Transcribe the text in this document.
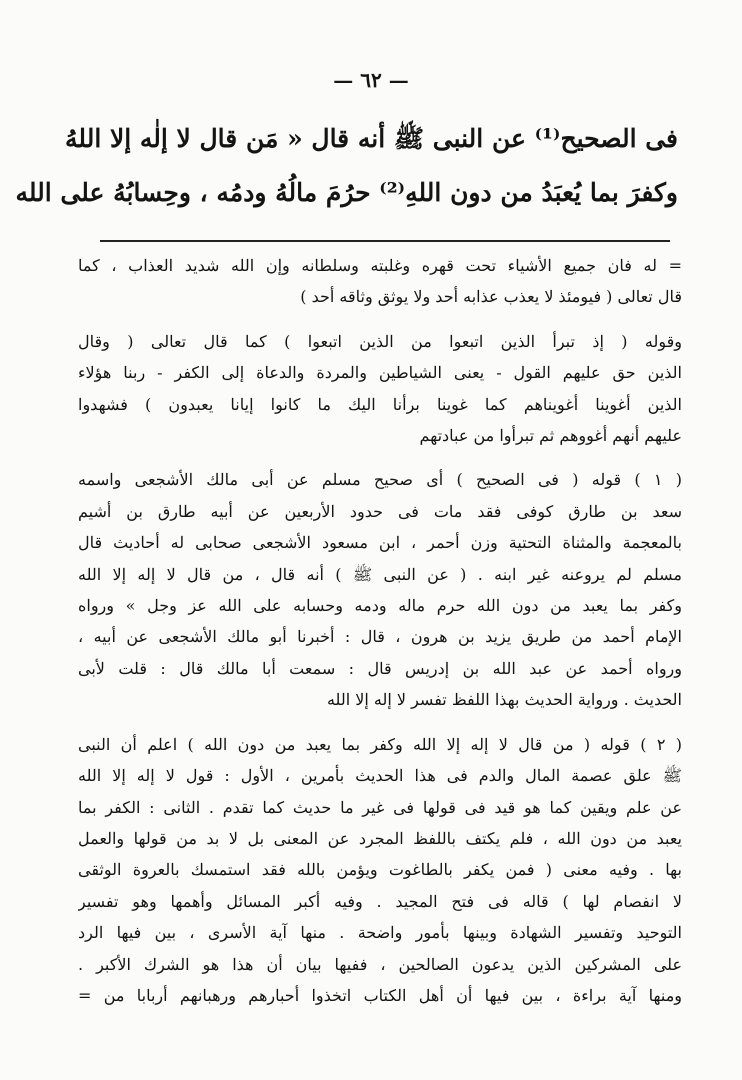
— ٦٢ —
فى الصحيح⁽¹⁾ عن النبى ﷺ أنه قال « مَن قال لا إلٰه إلا اللهُ
وكفرَ بما يُعبَدُ من دون اللهِ⁽²⁾ حرُمَ مالُهُ ودمُه ، وحِسابُهُ على الله
= له فان جميع الأشياء تحت قهره وغلبته وسلطانه وإن الله شديد العذاب ، كما
قال تعالى ( فيومئذ لا يعذب عذابه أحد ولا يوثق وثاقه أحد )
وقوله ( إذ تبرأ الذين اتبعوا من الذين اتبعوا ) كما قال تعالى ( وقال
الذين حق عليهم القول - يعنى الشياطين والمردة والدعاة إلى الكفر - ربنا هؤلاء
الذين أغوينا أغويناهم كما غوينا برأنا اليك ما كانوا إيانا يعبدون ) فشهدوا
عليهم أنهم أغووهم ثم تبرأوا من عبادتهم
( ١ ) قوله ( فى الصحيح ) أى صحيح مسلم عن أبى مالك الأشجعى واسمه
سعد بن طارق كوفى فقد مات فى حدود الأربعين عن أبيه طارق بن أشيم
بالمعجمة والمثناة التحتية وزن أحمر ، ابن مسعود الأشجعى صحابى له أحاديث قال
مسلم لم يروعنه غير ابنه . ( عن النبى ﷺ ) أنه قال ، من قال لا إله إلا الله
وكفر بما يعبد من دون الله حرم ماله ودمه وحسابه على الله عز وجل » ورواه
الإمام أحمد من طريق يزيد بن هرون ، قال : أخبرنا أبو مالك الأشجعى عن أبيه ،
ورواه أحمد عن عبد الله بن إدريس قال : سمعت أبا مالك قال : قلت لأبى
الحديث . ورواية الحديث بهذا اللفظ تفسر لا إله إلا الله
( ٢ ) قوله ( من قال لا إله إلا الله وكفر بما يعبد من دون الله ) اعلم أن النبى
ﷺ علق عصمة المال والدم فى هذا الحديث بأمرين ، الأول : قول لا إله إلا الله
عن علم ويقين كما هو قيد فى قولها فى غير ما حديث كما تقدم . الثانى : الكفر بما
يعبد من دون الله ، فلم يكتف باللفظ المجرد عن المعنى بل لا بد من قولها والعمل
بها . وفيه معنى ( فمن يكفر بالطاغوت ويؤمن بالله فقد استمسك بالعروة الوثقى
لا انفصام لها ) قاله فى فتح المجيد . وفيه أكبر المسائل وأهمها وهو تفسير
التوحيد وتفسير الشهادة وبينها بأمور واضحة . منها آية الأسرى ، بين فيها الرد
على المشركين الذين يدعون الصالحين ، ففيها بيان أن هذا هو الشرك الأكبر .
ومنها آية براءة ، بين فيها أن أهل الكتاب اتخذوا أحبارهم ورهبانهم أربابا من =
